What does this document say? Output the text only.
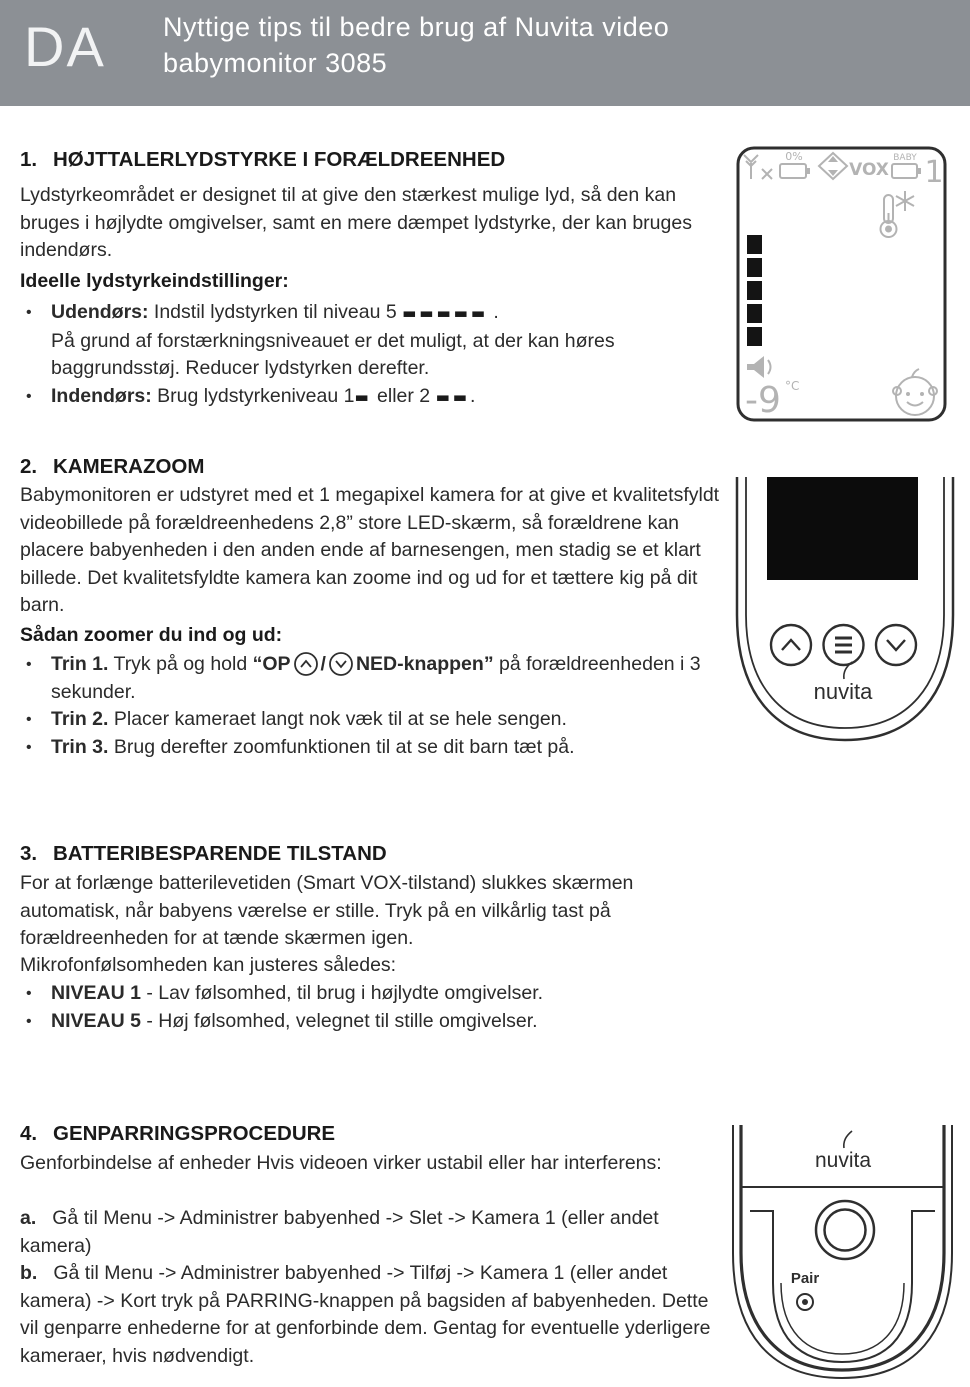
DA Nyttige tips til bedre brug af Nuvita video
babymonitor 3085
1. HØJTTALERLYDSTYRKE I FORÆLDREENHED
Lydstyrkeområdet er designet til at give den stærkest mulige lyd, så den kan bruges i højlydte omgivelser, samt en mere dæmpet lydstyrke, der kan bruges indendørs.
Ideelle lydstyrkeindstillinger:
• Udendørs: Indstil lydstyrken til niveau 5 ▬▬▬▬▬ .
På grund af forstærkningsniveauet er det muligt, at der kan høres baggrundsstøj. Reducer lydstyrken derefter.
• Indendørs: Brug lydstyrkeniveau 1▬ eller 2 ▬▬.
2. KAMERAZOOM
Babymonitoren er udstyret med et 1 megapixel kamera for at give et kvalitetsfyldt videobillede på forældreenhedens 2,8” store LED-skærm, så forældrene kan placere babyenheden i den anden ende af barnesengen, men stadig se et klart billede. Det kvalitetsfyldte kamera kan zoome ind og ud for et tættere kig på dit barn.
Sådan zoomer du ind og ud:
• Trin 1. Tryk på og hold “OP / NED-knappen” på forældreenheden i 3 sekunder.
• Trin 2. Placer kameraet langt nok væk til at se hele sengen.
• Trin 3. Brug derefter zoomfunktionen til at se dit barn tæt på.
3. BATTERIBESPARENDE TILSTAND
For at forlænge batterilevetiden (Smart VOX-tilstand) slukkes skærmen automatisk, når babyens værelse er stille. Tryk på en vilkårlig tast på forældreenheden for at tænde skærmen igen.
Mikrofonfølsomheden kan justeres således:
• NIVEAU 1 - Lav følsomhed, til brug i højlydte omgivelser.
• NIVEAU 5 - Høj følsomhed, velegnet til stille omgivelser.
4. GENPARRINGSPROCEDURE
Genforbindelse af enheder Hvis videoen virker ustabil eller har interferens:
a. Gå til Menu -> Administrer babyenhed -> Slet -> Kamera 1 (eller andet kamera)
b. Gå til Menu -> Administrer babyenhed -> Tilføj -> Kamera 1 (eller andet kamera) -> Kort tryk på PARRING-knappen på bagsiden af babyenheden. Dette vil genparre enhederne for at genforbinde dem. Gentag for eventuelle yderligere kameraer, hvis nødvendigt.
0%
VOX
BABY 1
-9 °C
nuvita
nuvita
Pair
